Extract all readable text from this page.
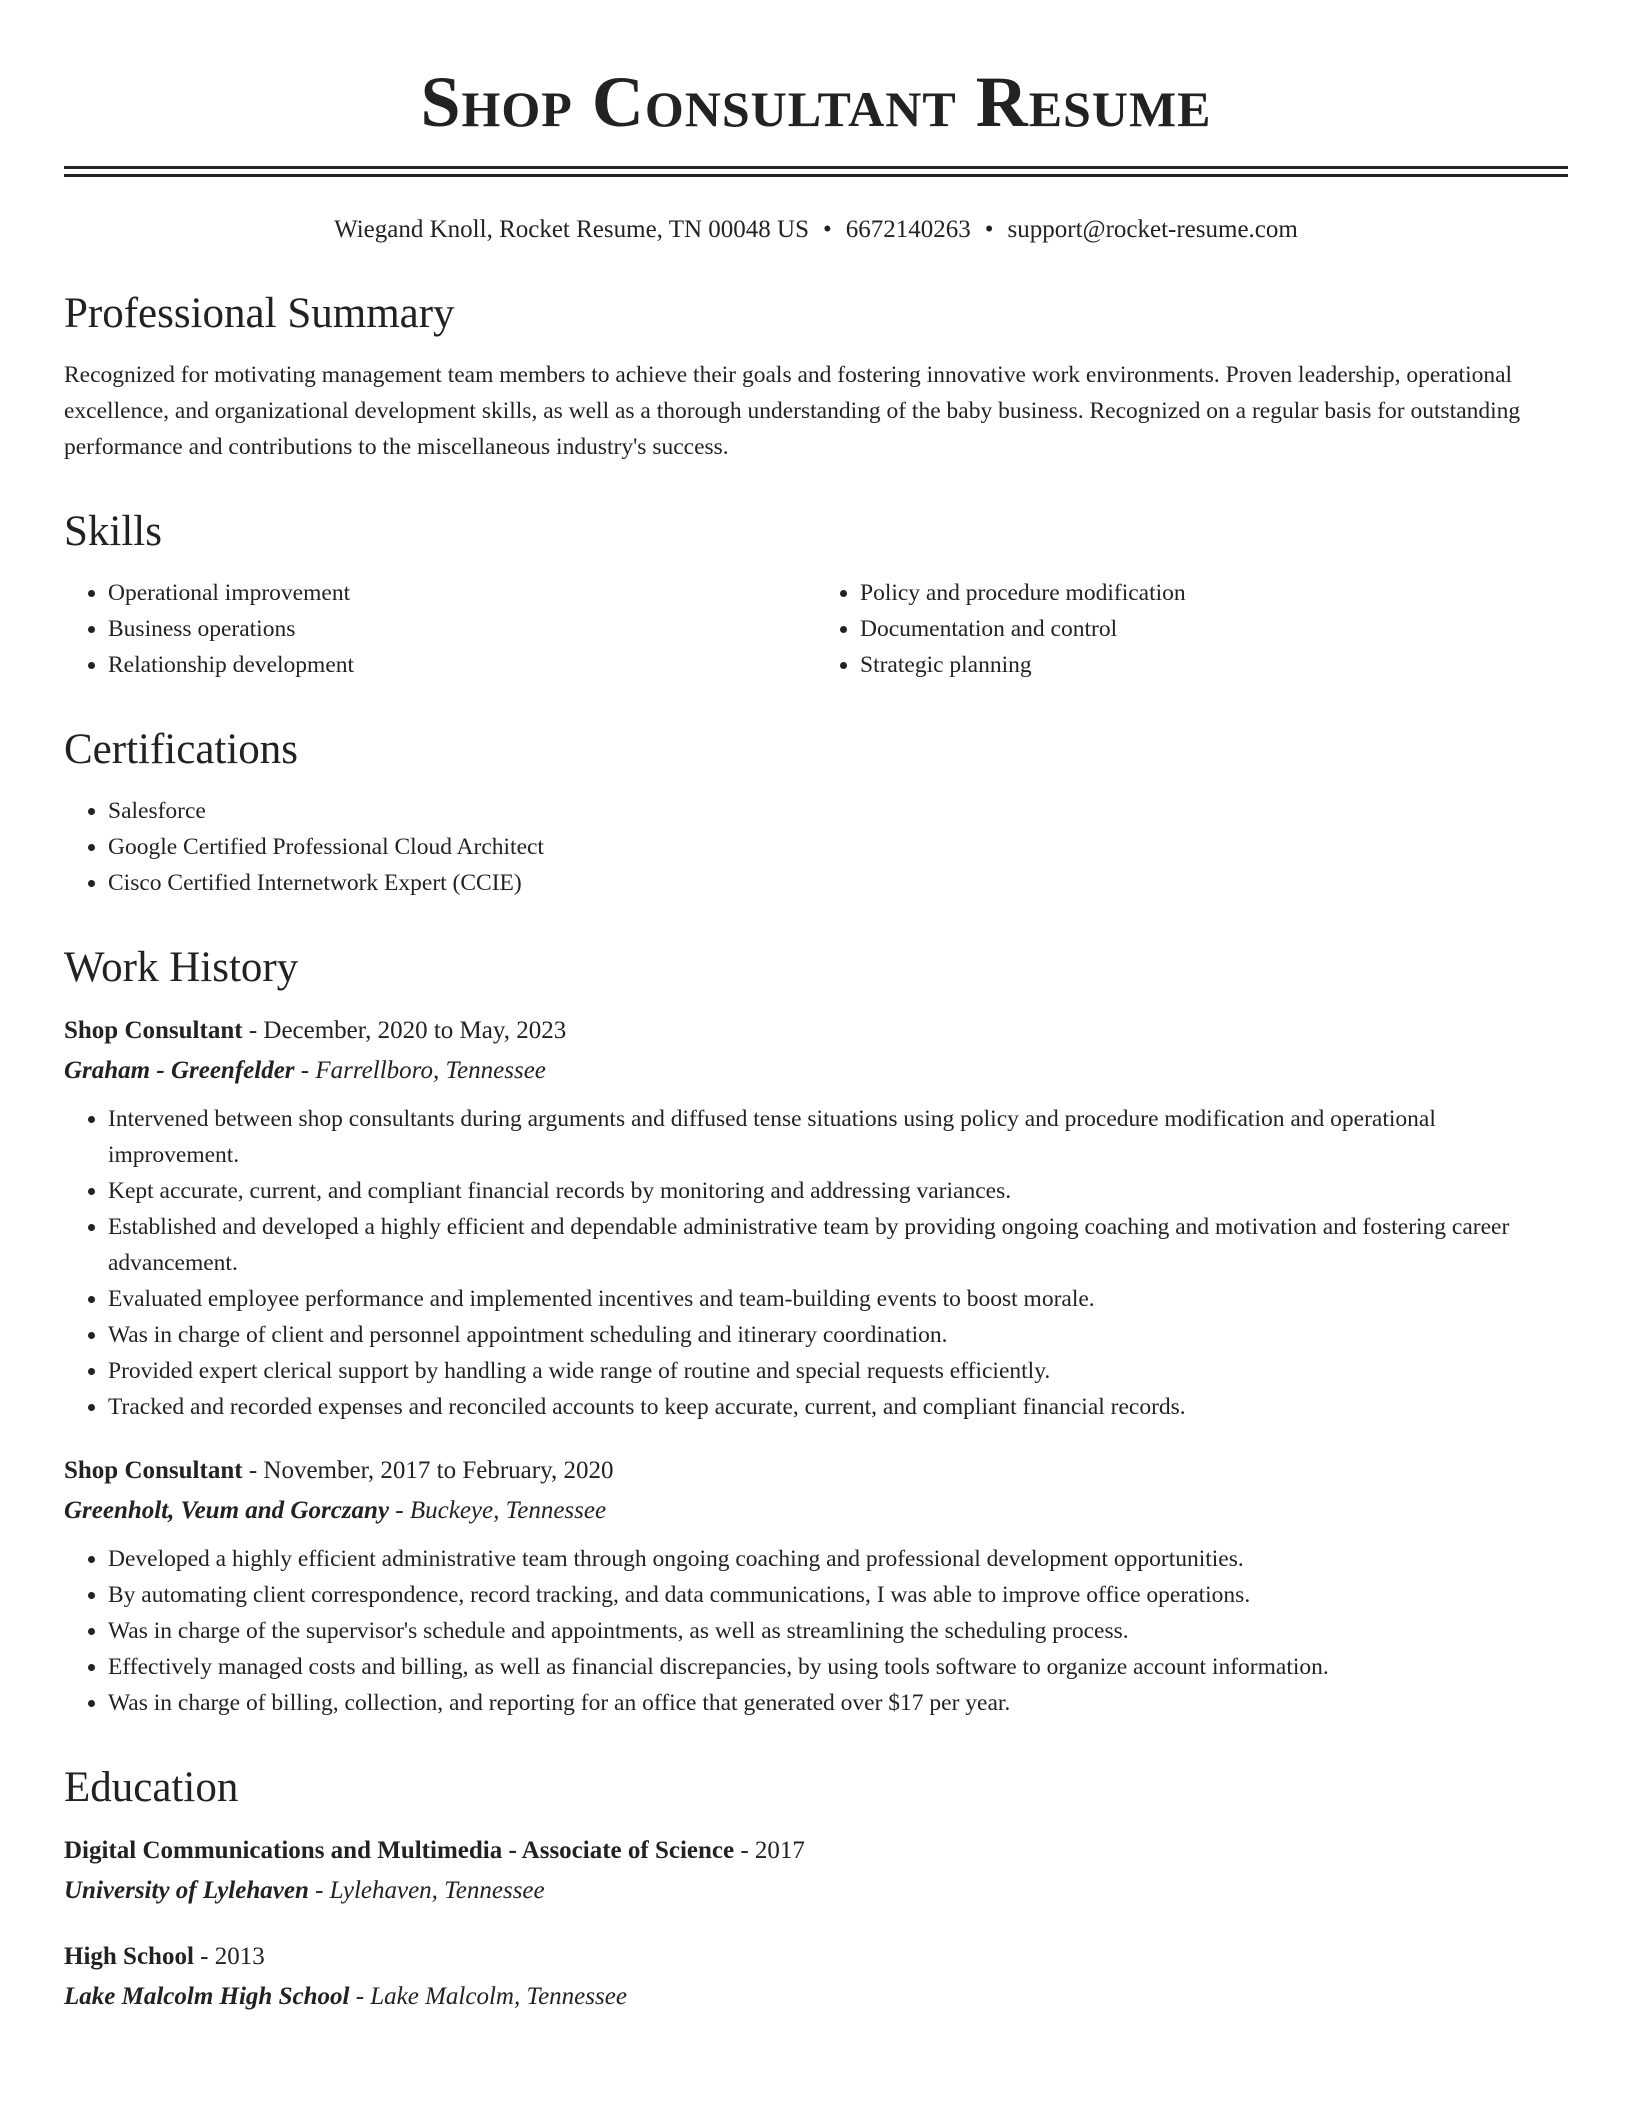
Shop Consultant Resume
Wiegand Knoll, Rocket Resume, TN 00048 US • 6672140263 • support@rocket-resume.com
Professional Summary

Recognized for motivating management team members to achieve their goals and fostering innovative work environments. Proven leadership, operational excellence, and organizational development skills, as well as a thorough understanding of the baby business. Recognized on a regular basis for outstanding performance and contributions to the miscellaneous industry's success.

Skills
• Operational improvement
• Business operations
• Relationship development
• Policy and procedure modification
• Documentation and control
• Strategic planning
Certifications
• Salesforce
• Google Certified Professional Cloud Architect
• Cisco Certified Internetwork Expert (CCIE)
Work History
Shop Consultant - December, 2020 to May, 2023
Graham - Greenfelder - Farrellboro, Tennessee
• Intervened between shop consultants during arguments and diffused tense situations using policy and procedure modification and operational improvement.
• Kept accurate, current, and compliant financial records by monitoring and addressing variances.
• Established and developed a highly efficient and dependable administrative team by providing ongoing coaching and motivation and fostering career advancement.
• Evaluated employee performance and implemented incentives and team-building events to boost morale.
• Was in charge of client and personnel appointment scheduling and itinerary coordination.
• Provided expert clerical support by handling a wide range of routine and special requests efficiently.
• Tracked and recorded expenses and reconciled accounts to keep accurate, current, and compliant financial records.
Shop Consultant - November, 2017 to February, 2020
Greenholt, Veum and Gorczany - Buckeye, Tennessee
• Developed a highly efficient administrative team through ongoing coaching and professional development opportunities.
• By automating client correspondence, record tracking, and data communications, I was able to improve office operations.
• Was in charge of the supervisor's schedule and appointments, as well as streamlining the scheduling process.
• Effectively managed costs and billing, as well as financial discrepancies, by using tools software to organize account information.
• Was in charge of billing, collection, and reporting for an office that generated over $17 per year.
Education
Digital Communications and Multimedia - Associate of Science - 2017
University of Lylehaven - Lylehaven, Tennessee
High School - 2013
Lake Malcolm High School - Lake Malcolm, Tennessee
